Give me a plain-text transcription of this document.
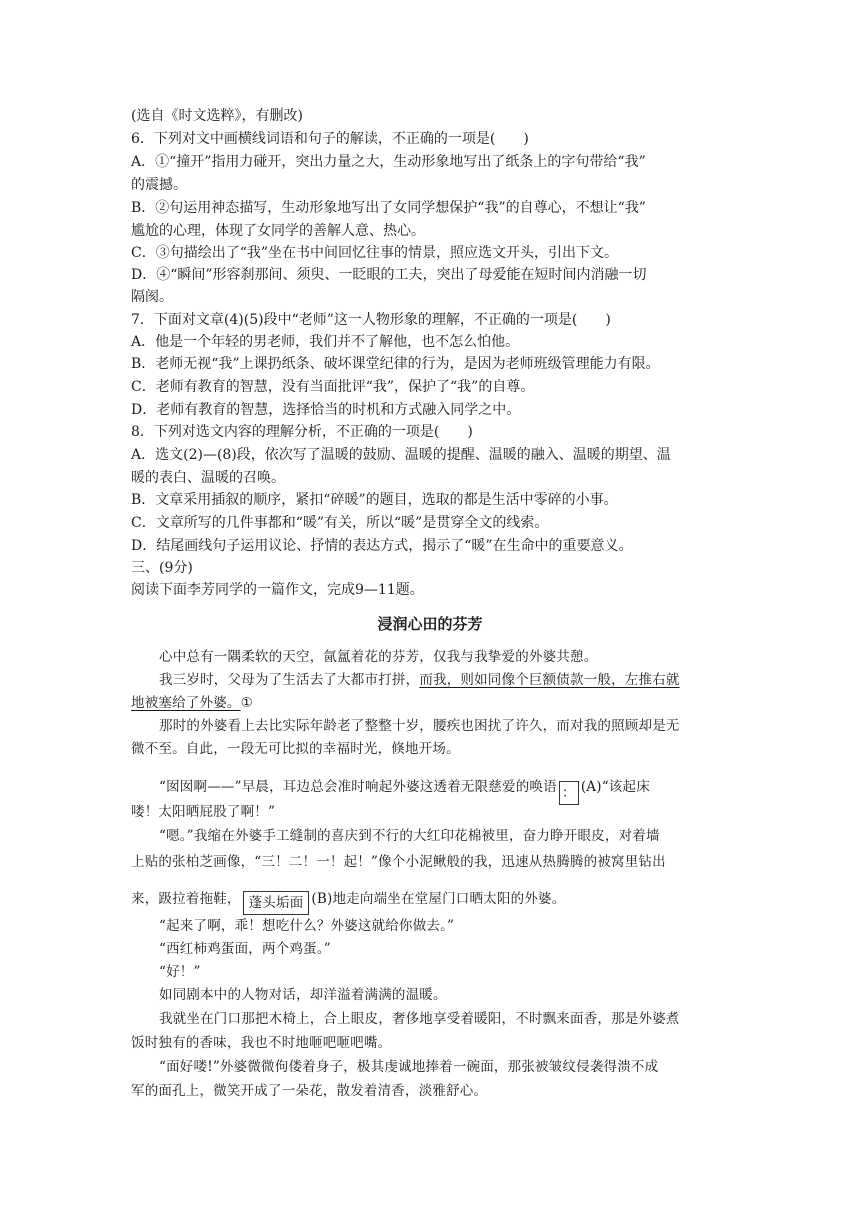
(选自《时文选粹》，有删改)
6．下列对文中画横线词语和句子的解读，不正确的一项是(　　)
A．①“撞开”指用力碰开，突出力量之大，生动形象地写出了纸条上的字句带给“我”
的震撼。
B．②句运用神态描写，生动形象地写出了女同学想保护“我”的自尊心，不想让“我”
尴尬的心理，体现了女同学的善解人意、热心。
C．③句描绘出了“我”坐在书中间回忆往事的情景，照应选文开头，引出下文。
D．④“瞬间”形容刹那间、须臾、一眨眼的工夫，突出了母爱能在短时间内消融一切
隔阂。
7．下面对文章(4)(5)段中“老师”这一人物形象的理解，不正确的一项是(　　)
A．他是一个年轻的男老师，我们并不了解他，也不怎么怕他。
B．老师无视“我”上课扔纸条、破坏课堂纪律的行为，是因为老师班级管理能力有限。
C．老师有教育的智慧，没有当面批评“我”，保护了“我”的自尊。
D．老师有教育的智慧，选择恰当的时机和方式融入同学之中。
8．下列对选文内容的理解分析，不正确的一项是(　　)
A．选文(2)—(8)段，依次写了温暖的鼓励、温暖的提醒、温暖的融入、温暖的期望、温
暖的表白、温暖的召唤。
B．文章采用插叙的顺序，紧扣“碎暖”的题目，选取的都是生活中零碎的小事。
C．文章所写的几件事都和“暖”有关，所以“暖”是贯穿全文的线索。
D．结尾画线句子运用议论、抒情的表达方式，揭示了“暖”在生命中的重要意义。
三、(9分)
阅读下面李芳同学的一篇作文，完成9—11题。
浸润心田的芬芳
心中总有一隅柔软的天空，氤氲着花的芬芳，仅我与我挚爱的外婆共憩。
我三岁时，父母为了生活去了大都市打拼，而我，则如同像个巨额债款一般，左推右就
地被塞给了外婆。①
那时的外婆看上去比实际年龄老了整整十岁，腰疾也困扰了许久，而对我的照顾却是无
微不至。自此，一段无可比拟的幸福时光，倏地开场。
“囡囡啊——”早晨，耳边总会准时响起外婆这透着无限慈爱的唤语 ： (A)“该起床
喽！太阳晒屁股了啊！”
“嗯。”我缩在外婆手工缝制的喜庆到不行的大红印花棉被里，奋力睁开眼皮，对着墙
上贴的张柏芝画像，“三！二！一！起！”像个小泥鳅般的我，迅速从热腾腾的被窝里钻出
来，趿拉着拖鞋， 蓬头垢面 (B)地走向端坐在堂屋门口晒太阳的外婆。
“起来了啊，乖！想吃什么？外婆这就给你做去。”
“西红柿鸡蛋面，两个鸡蛋。”
“好！”
如同剧本中的人物对话，却洋溢着满满的温暖。
我就坐在门口那把木椅上，合上眼皮，奢侈地享受着暖阳，不时飘来面香，那是外婆煮
饭时独有的香味，我也不时地咂吧咂吧嘴。
“面好喽!”外婆微微佝偻着身子，极其虔诚地捧着一碗面，那张被皱纹侵袭得溃不成
军的面孔上，微笑开成了一朵花，散发着清香，淡雅舒心。
